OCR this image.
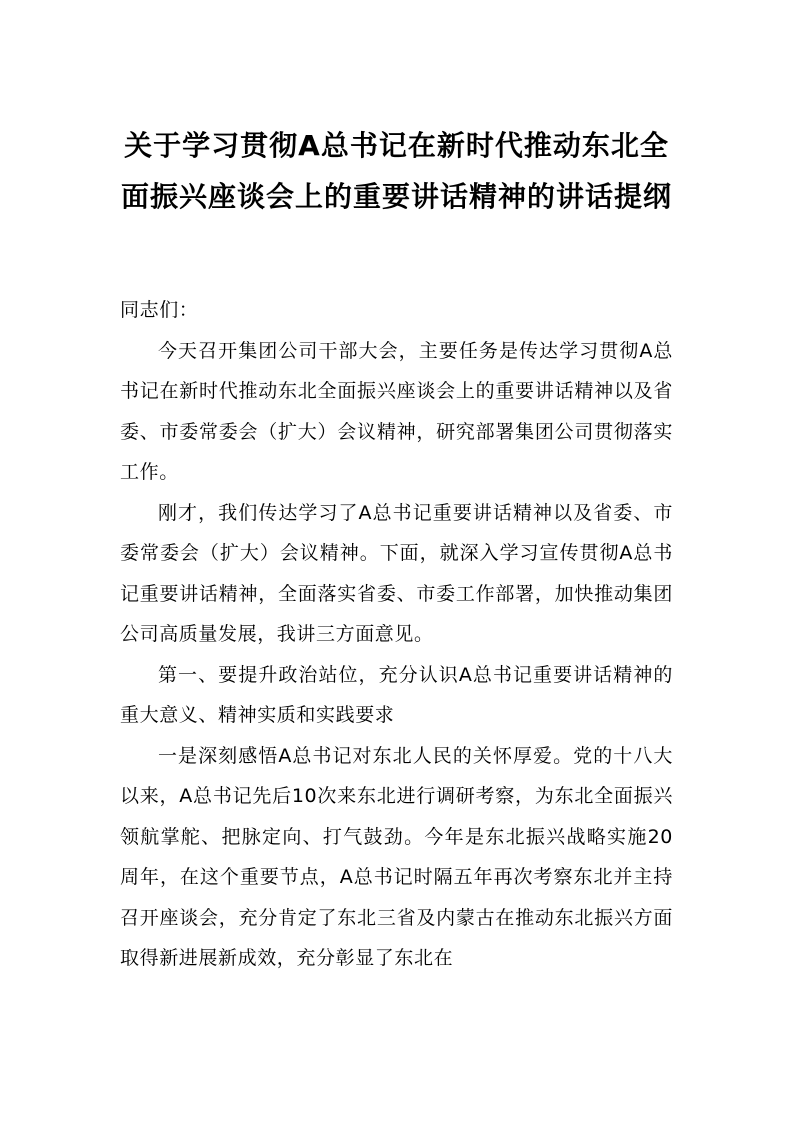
关于学习贯彻A总书记在新时代推动东北全面振兴座谈会上的重要讲话精神的讲话提纲

同志们：

今天召开集团公司干部大会，主要任务是传达学习贯彻A总书记在新时代推动东北全面振兴座谈会上的重要讲话精神以及省委、市委常委会（扩大）会议精神，研究部署集团公司贯彻落实工作。

刚才，我们传达学习了A总书记重要讲话精神以及省委、市委常委会（扩大）会议精神。下面，就深入学习宣传贯彻A总书记重要讲话精神，全面落实省委、市委工作部署，加快推动集团公司高质量发展，我讲三方面意见。

第一、要提升政治站位，充分认识A总书记重要讲话精神的重大意义、精神实质和实践要求

一是深刻感悟A总书记对东北人民的关怀厚爱。党的十八大以来，A总书记先后10次来东北进行调研考察，为东北全面振兴领航掌舵、把脉定向、打气鼓劲。今年是东北振兴战略实施20周年，在这个重要节点，A总书记时隔五年再次考察东北并主持召开座谈会，充分肯定了东北三省及内蒙古在推动东北振兴方面取得新进展新成效，充分彰显了东北在
